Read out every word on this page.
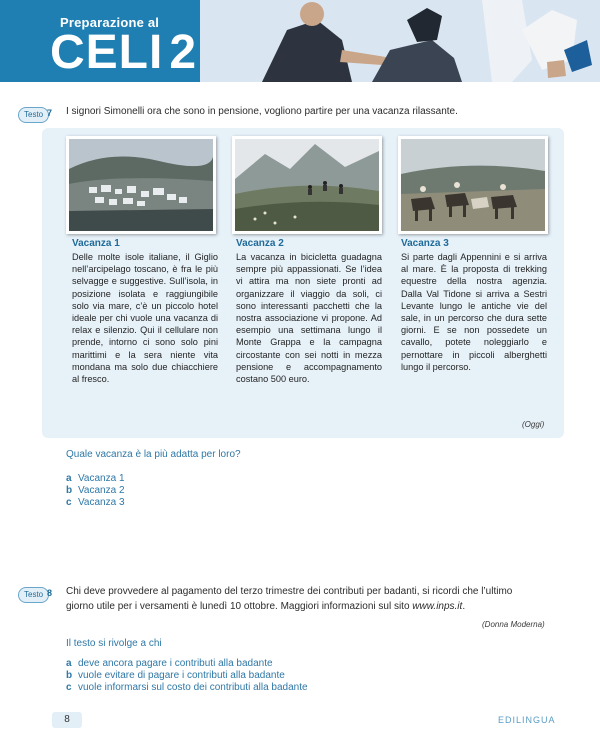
Preparazione al
CELI 2
Testo 7 I signori Simonelli ora che sono in pensione, vogliono partire per una vacanza rilassante.
Vacanza 1
Delle molte isole italiane, il Giglio nell’arcipelago toscano, è fra le più selvagge e suggestive. Sull’isola, in posizione isolata e raggiungibile solo via mare, c’è un piccolo hotel ideale per chi vuole una vacanza di relax e silenzio. Qui il cellulare non prende, intorno ci sono solo pini marittimi e la sera niente vita mondana ma solo due chiacchiere al fresco.
Vacanza 2
La vacanza in bicicletta guadagna sempre più appassionati. Se l’idea vi attira ma non siete pronti ad organizzare il viaggio da soli, ci sono interessanti pacchetti che la nostra associazione vi propone. Ad esempio una settimana lungo il Monte Grappa e la campagna circostante con sei notti in mezza pensione e accompagnamento costano 500 euro.
Vacanza 3
Si parte dagli Appennini e si arriva al mare. È la proposta di trekking equestre della nostra agenzia. Dalla Val Tidone si arriva a Sestri Levante lungo le antiche vie del sale, in un percorso che dura sette giorni. E se non possedete un cavallo, potete noleggiarlo e pernottare in piccoli alberghetti lungo il percorso.
(Oggi)
Quale vacanza è la più adatta per loro?
a Vacanza 1
b Vacanza 2
c Vacanza 3
Testo 8 Chi deve provvedere al pagamento del terzo trimestre dei contributi per badanti, si ricordi che l’ultimo
giorno utile per i versamenti è lunedì 10 ottobre. Maggiori informazioni sul sito www.inps.it.
(Donna Moderna)
Il testo si rivolge a chi
a deve ancora pagare i contributi alla badante
b vuole evitare di pagare i contributi alla badante
c vuole informarsi sul costo dei contributi alla badante
8	EDILINGUA
